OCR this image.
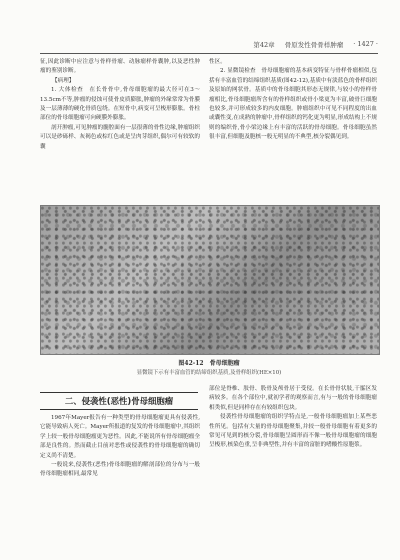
第42章 骨原发性骨骨样肿瘤 · 1427 ·

征,因此诊断中应注意与骨样骨瘤、动脉瘤样骨囊肿,以及恶性肿瘤的鉴别诊断。

【病理】

1. 大体检查　在长骨骨中,骨母细胞瘤的最大径可在3～13.5cm不等,肿瘤的侵蚀可使骨皮质膨胀,肿瘤的外缘常常为骨膜及一层薄薄的硬化骨质包绕。在短骨中,病变可呈梭形膨胀。骨柱部位的骨母细胞瘤可向硬膜外膨胀。

剖开肿瘤,可见肿瘤的髓腔面有一层很薄的骨性边缘,肿瘤组织可以是砂砾样、灰褐色或棕红色或是呈肉芽组织,偶尔可有较软的囊

性区。

2. 显微镜检查　骨母细胞瘤的基本病变特征与骨样骨瘤相似,包括有丰富血管的结缔组织基质(图42-12),基质中有淡蓝色的骨样组织及原始的网状骨。基质中的骨母细胞其形态无规律,与较小的骨样骨瘤相比,骨母细胞瘤所含有的骨样组织或骨小梁更为丰富,破骨巨细胞也较多,并可形成较多的内皮细胞。肿瘤组织中可见不同程度的出血或囊性变,在成熟的肿瘤中,骨样组织的钙化更为明显,形成结构上不规则的编织骨,骨小梁边缘上有丰富的活跃的骨母细胞。骨母细胞虽然很丰富,但细胞及胞核一般无明显的不典型,核分裂偶见到。

图42-12　骨母细胞瘤
显微镜下示有丰富血管的结缔组织基质,及骨样组织(HE×10)
二、侵袭性(恶性)骨母细胞瘤

1967年Mayer报告有一种类型的骨母细胞瘤更具有侵袭性,它能导致病人死亡。Mayer所报道的复发的骨母细胞瘤中,其组织学上较一般骨母细胞瘤更为恶性。因此,不能说所有骨母细胞瘤全部是良性的。然而截止目前对恶性或侵袭性的骨母细胞瘤的确切定义尚不清楚。

一般说来,侵袭性(恶性)骨母细胞瘤的解剖部位的分布与一般骨母细胞瘤相同,最常见

部位是脊椎、肢骨、股骨及颅骨居于受侵。在长骨骨状肢,干骺区发病较多。在各个部位中,就初学者的观察而言,有与一般的骨母细胞瘤相类似,但是同样存在有较组织包块。

侵袭性骨母细胞瘤的组织学特点是,一般骨母细胞瘤加上某些恶性所见。包括有大量的骨母细胞聚集,并较一般骨母细胞有着更多的常见可见到的核分裂,骨母细胞呈圆形而不像一般骨母细胞瘤的细胞呈梭形,核染色重,呈非典型性,并有丰富的富脏的嗜酸性原胞浆。
